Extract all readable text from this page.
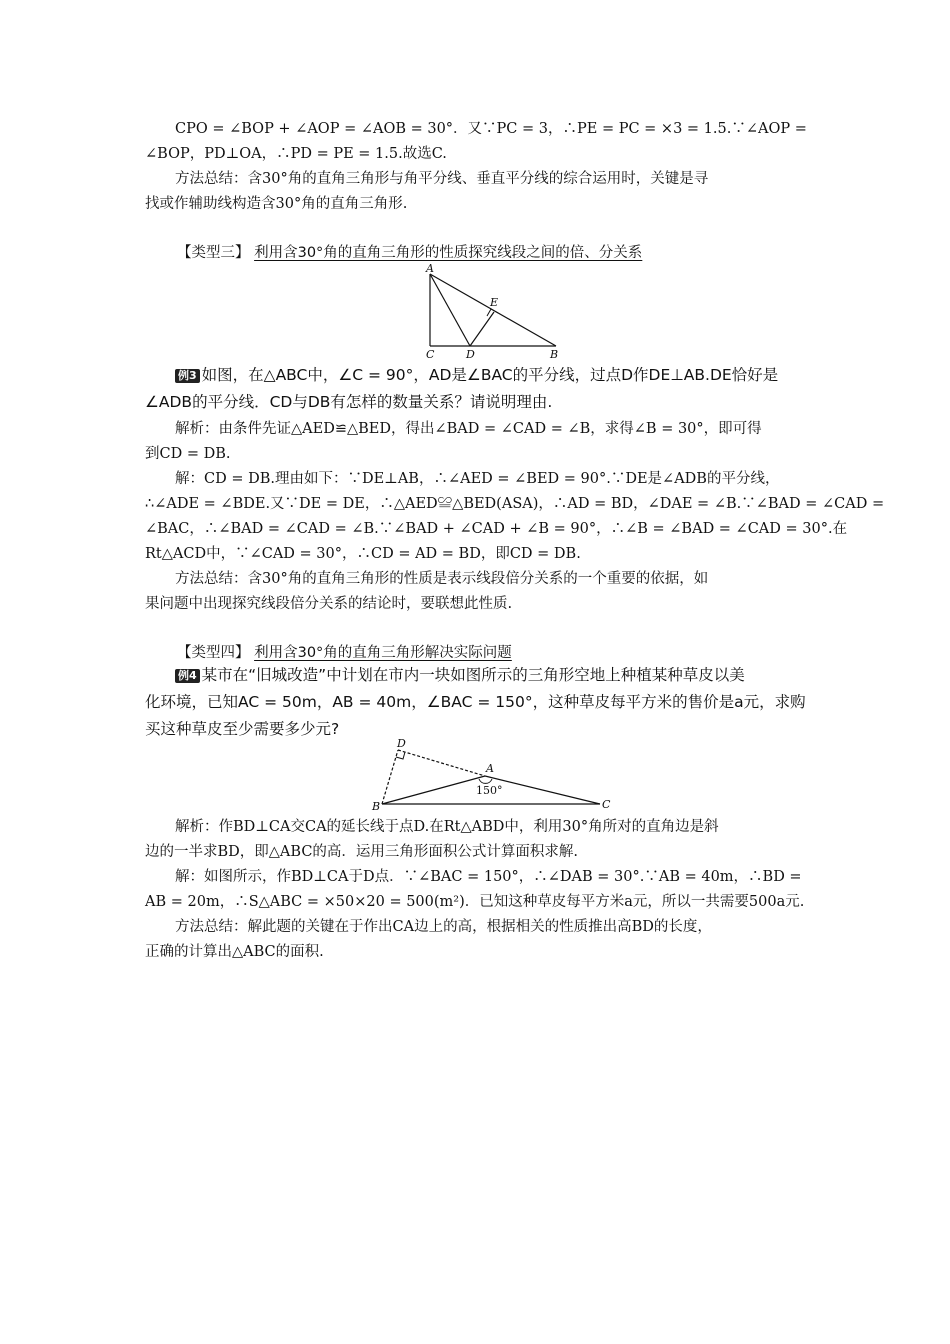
CPO = ∠BOP + ∠AOP = ∠AOB = 30°．又∵PC = 3，∴PE = PC = ×3 = 1.5.∵∠AOP =
∠BOP，PD⊥OA，∴PD = PE = 1.5.故选C.
方法总结：含30°角的直角三角形与角平分线、垂直平分线的综合运用时，关键是寻
找或作辅助线构造含30°角的直角三角形.
【类型三】 利用含30°角的直角三角形的性质探究线段之间的倍、分关系
A
C	D	B
E
例3 如图，在△ABC中，∠C = 90°，AD是∠BAC的平分线，过点D作DE⊥AB.DE恰好是
∠ADB的平分线．CD与DB有怎样的数量关系？请说明理由.
解析：由条件先证△AED≌△BED，得出∠BAD = ∠CAD = ∠B，求得∠B = 30°，即可得
到CD = DB.
解：CD = DB.理由如下：∵DE⊥AB，∴∠AED = ∠BED = 90°.∵DE是∠ADB的平分线，
∴∠ADE = ∠BDE.又∵DE = DE，∴△AED≌△BED(ASA)，∴AD = BD，∠DAE = ∠B.∵∠BAD = ∠CAD =
∠BAC，∴∠BAD = ∠CAD = ∠B.∵∠BAD + ∠CAD + ∠B = 90°，∴∠B = ∠BAD = ∠CAD = 30°.在
Rt△ACD中，∵∠CAD = 30°，∴CD = AD = BD，即CD = DB.
方法总结：含30°角的直角三角形的性质是表示线段倍分关系的一个重要的依据，如
果问题中出现探究线段倍分关系的结论时，要联想此性质.
【类型四】 利用含30°角的直角三角形解决实际问题
例4 某市在“旧城改造”中计划在市内一块如图所示的三角形空地上种植某种草皮以美
化环境，已知AC = 50m，AB = 40m，∠BAC = 150°，这种草皮每平方米的售价是a元，求购
买这种草皮至少需要多少元?
D
A
B	C
150°
解析：作BD⊥CA交CA的延长线于点D.在Rt△ABD中，利用30°角所对的直角边是斜
边的一半求BD，即△ABC的高．运用三角形面积公式计算面积求解.
解：如图所示，作BD⊥CA于D点．∵∠BAC = 150°，∴∠DAB = 30°.∵AB = 40m，∴BD =
AB = 20m，∴S△ABC = ×50×20 = 500(m²)．已知这种草皮每平方米a元，所以一共需要500a元.
方法总结：解此题的关键在于作出CA边上的高，根据相关的性质推出高BD的长度，
正确的计算出△ABC的面积.
